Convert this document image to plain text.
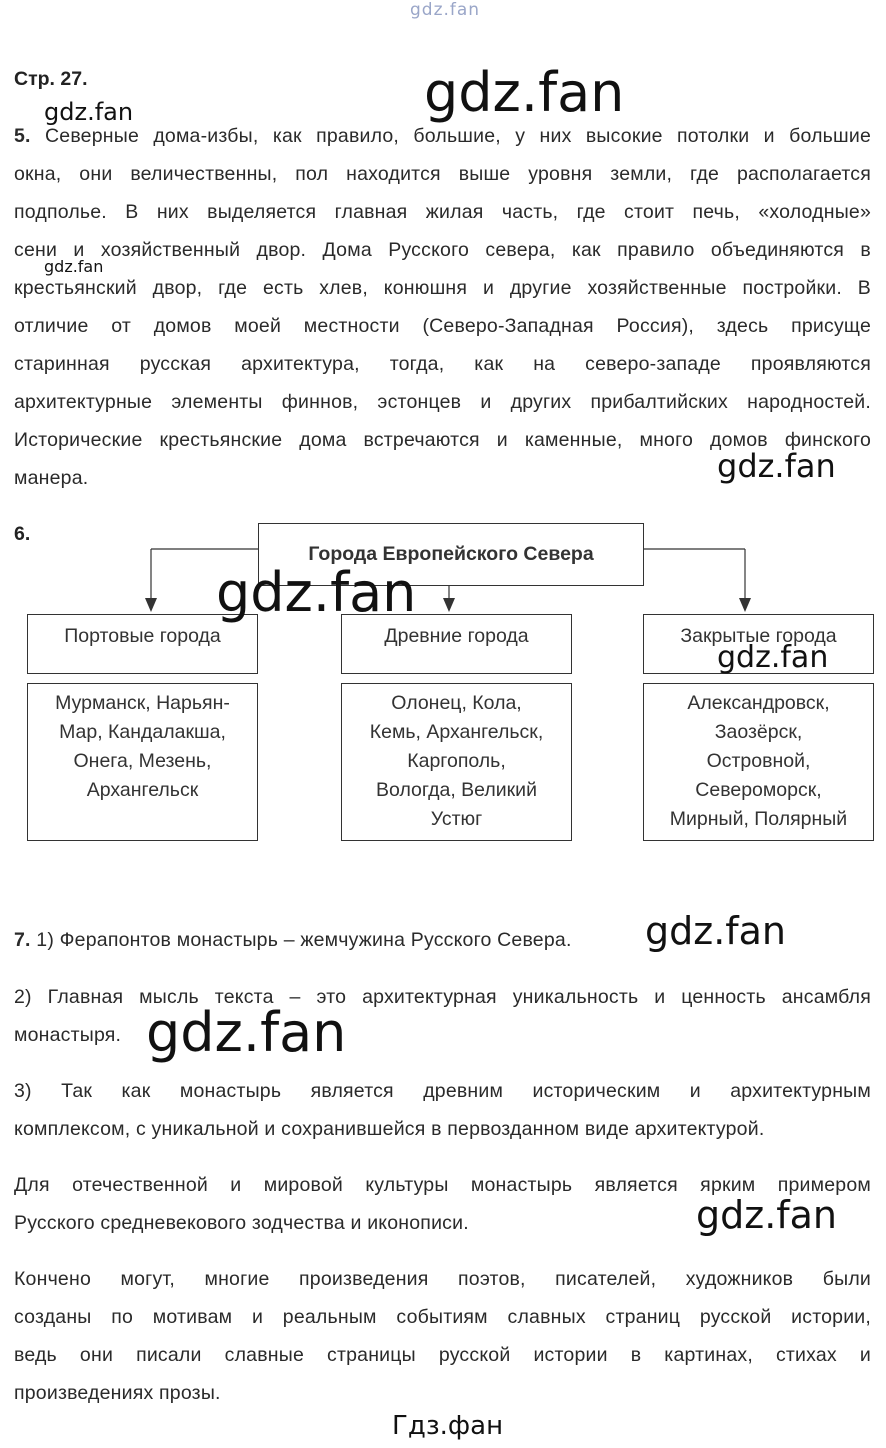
gdz.fan
Стр. 27.	gdz.fan
gdz.fan
5. Северные дома-избы, как правило, большие, у них высокие потолки и большие
окна, они величественны, пол находится выше уровня земли, где располагается
подполье. В них выделяется главная жилая часть, где стоит печь, «холодные»
сени и хозяйственный двор. Дома Русского севера, как правило объединяются в
крестьянский двор, где есть хлев, конюшня и другие хозяйственные постройки. В
отличие от домов моей местности (Северо-Западная Россия), здесь присуще
старинная русская архитектура, тогда, как на северо-западе проявляются
архитектурные элементы финнов, эстонцев и других прибалтийских народностей.
Исторические крестьянские дома встречаются и каменные, много домов финского
манера.
gdz.fan
gdz.fan
6.
Города Европейского Севера
Портовые города	Древние города	Закрытые города
Мурманск, Нарьян-
Мар, Кандалакша,
Онега, Мезень,
Архангельск
Олонец, Кола,
Кемь, Архангельск,
Каргополь,
Вологда, Великий
Устюг
Александровск,
Заозёрск,
Островной,
Североморск,
Мирный, Полярный
gdz.fan
gdz.fan
7. 1) Ферапонтов монастырь – жемчужина Русского Севера.	gdz.fan
2) Главная мысль текста – это архитектурная уникальность и ценность ансамбля
монастыря. gdz.fan
3) Так как монастырь является древним историческим и архитектурным
комплексом, с уникальной и сохранившейся в первозданном виде архитектурой.
Для отечественной и мировой культуры монастырь является ярким примером
Русского средневекового зодчества и иконописи.	gdz.fan
Кончено могут, многие произведения поэтов, писателей, художников были
созданы по мотивам и реальным событиям славных страниц русской истории,
ведь они писали славные страницы русской истории в картинах, стихах и
произведениях прозы.
Гдз.фан
